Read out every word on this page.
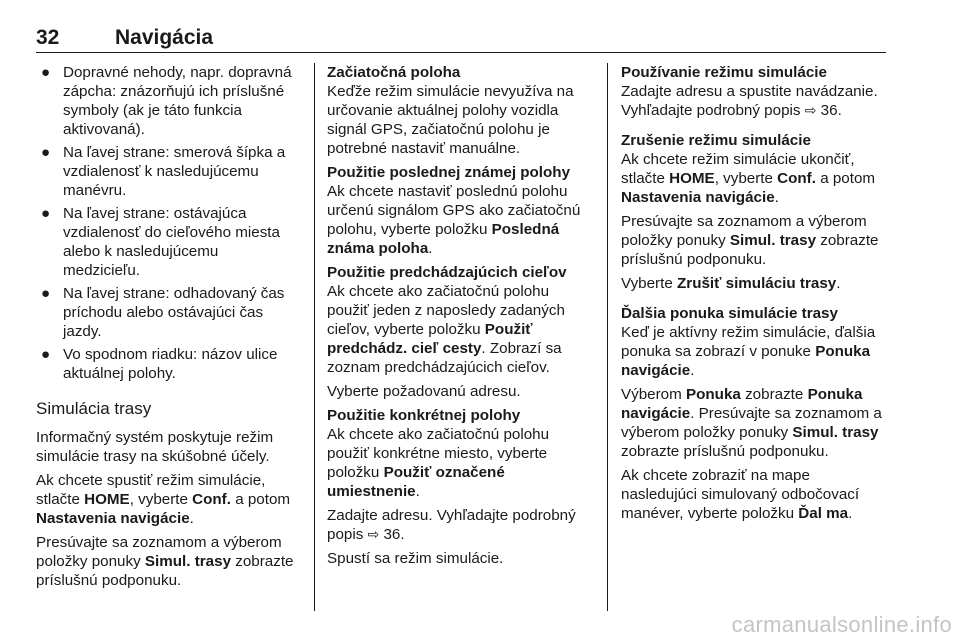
32	Navigácia
● Dopravné nehody, napr. dopravná zápcha: znázorňujú ich príslušné symboly (ak je táto funkcia aktivovaná).
● Na ľavej strane: smerová šípka a vzdialenosť k nasledujúcemu manévru.
● Na ľavej strane: ostávajúca vzdialenosť do cieľového miesta alebo k nasledujúcemu medzicieľu.
● Na ľavej strane: odhadovaný čas príchodu alebo ostávajúci čas jazdy.
● Vo spodnom riadku: názov ulice aktuálnej polohy.
Simulácia trasy

Informačný systém poskytuje režim simulácie trasy na skúšobné účely.

Ak chcete spustiť režim simulácie, stlačte HOME, vyberte Conf. a potom Nastavenia navigácie.

Presúvajte sa zoznamom a výberom položky ponuky Simul. trasy zobrazte príslušnú podponuku.

Začiatočná poloha

Keďže režim simulácie nevyužíva na určovanie aktuálnej polohy vozidla signál GPS, začiatočnú polohu je potrebné nastaviť manuálne.

Použitie poslednej známej polohy

Ak chcete nastaviť poslednú polohu určenú signálom GPS ako začiatočnú polohu, vyberte položku Posledná známa poloha.

Použitie predchádzajúcich cieľov

Ak chcete ako začiatočnú polohu použiť jeden z naposledy zadaných cieľov, vyberte položku Použiť predchádz. cieľ cesty. Zobrazí sa zoznam predchádzajúcich cieľov.

Vyberte požadovanú adresu.

Použitie konkrétnej polohy

Ak chcete ako začiatočnú polohu použiť konkrétne miesto, vyberte položku Použiť označené umiestnenie.

Zadajte adresu. Vyhľadajte podrobný popis ⇨ 36.

Spustí sa režim simulácie.

Používanie režimu simulácie

Zadajte adresu a spustite navádzanie. Vyhľadajte podrobný popis ⇨ 36.

Zrušenie režimu simulácie

Ak chcete režim simulácie ukončiť, stlačte HOME, vyberte Conf. a potom Nastavenia navigácie.

Presúvajte sa zoznamom a výberom položky ponuky Simul. trasy zobrazte príslušnú podponuku.

Vyberte Zrušiť simuláciu trasy.

Ďalšia ponuka simulácie trasy

Keď je aktívny režim simulácie, ďalšia ponuka sa zobrazí v ponuke Ponuka navigácie.

Výberom Ponuka zobrazte Ponuka navigácie. Presúvajte sa zoznamom a výberom položky ponuky Simul. trasy zobrazte príslušnú podponuku.

Ak chcete zobraziť na mape nasledujúci simulovaný odbočovací manéver, vyberte položku Ďal ma.

carmanualsonline.info
